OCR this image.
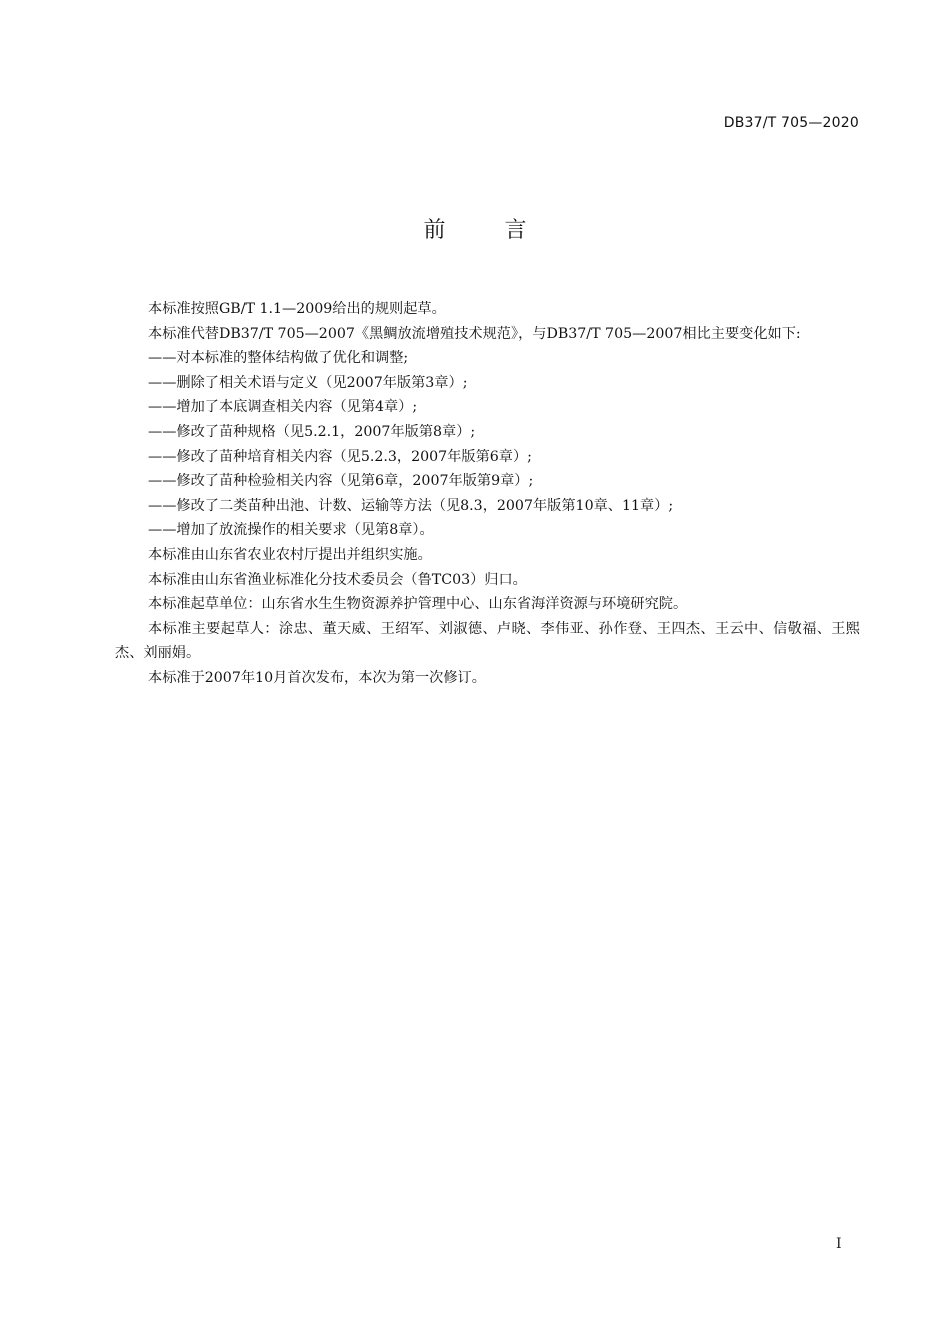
DB37/T 705—2020
前 言

本标准按照GB/T 1.1—2009给出的规则起草。

本标准代替DB37/T 705—2007《黑鲷放流增殖技术规范》，与DB37/T 705—2007相比主要变化如下:

——对本标准的整体结构做了优化和调整;

——删除了相关术语与定义（见2007年版第3章）;

——增加了本底调查相关内容（见第4章）;

——修改了苗种规格（见5.2.1，2007年版第8章）;

——修改了苗种培育相关内容（见5.2.3，2007年版第6章）;

——修改了苗种检验相关内容（见第6章，2007年版第9章）;

——修改了二类苗种出池、计数、运输等方法（见8.3，2007年版第10章、11章）;

——增加了放流操作的相关要求（见第8章）。

本标准由山东省农业农村厅提出并组织实施。

本标准由山东省渔业标准化分技术委员会（鲁TC03）归口。

本标准起草单位：山东省水生生物资源养护管理中心、山东省海洋资源与环境研究院。

本标准主要起草人：涂忠、董天威、王绍军、刘淑德、卢晓、李伟亚、孙作登、王四杰、王云中、信敬福、王熙杰、刘丽娟。

本标准于2007年10月首次发布，本次为第一次修订。

I
